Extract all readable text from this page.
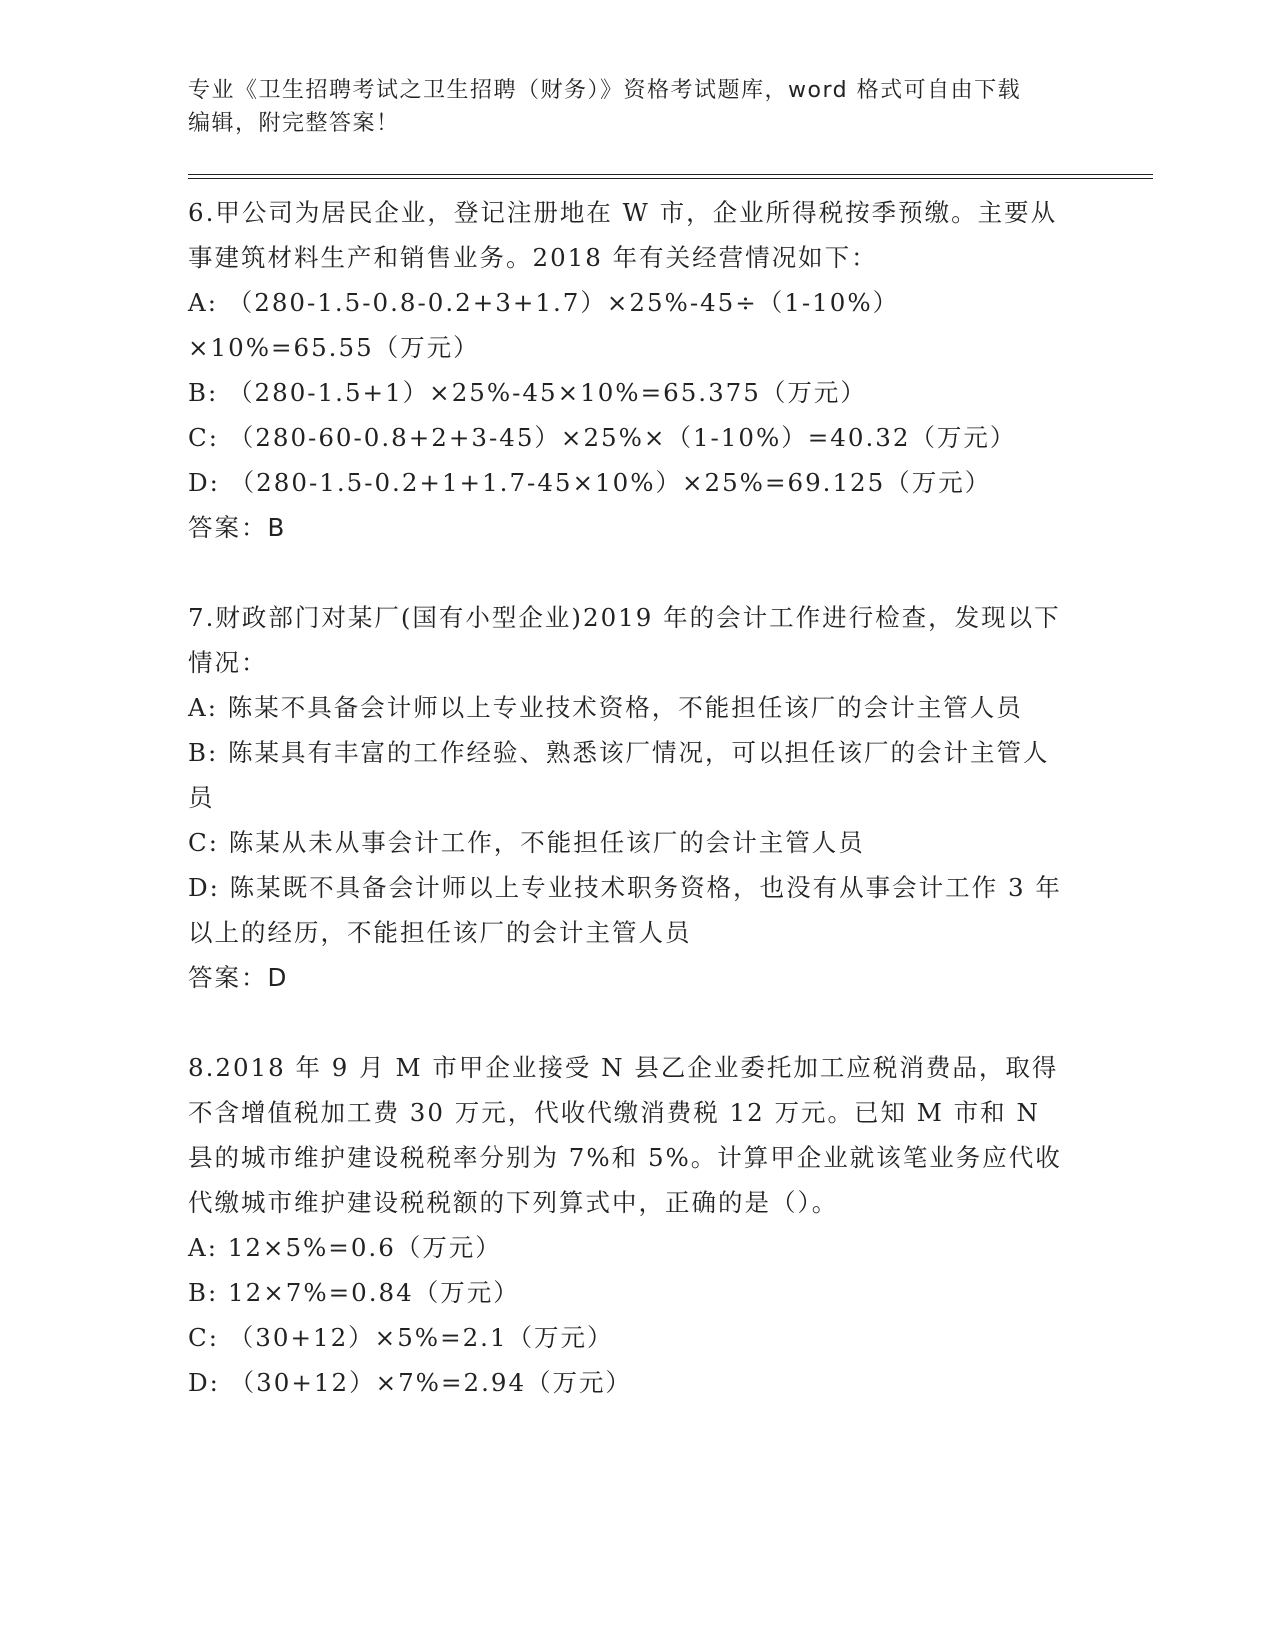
专业《卫生招聘考试之卫生招聘（财务）》资格考试题库，word 格式可自由下载
编辑，附完整答案！

6.甲公司为居民企业，登记注册地在 W 市，企业所得税按季预缴。主要从事建筑材料生产和销售业务。2018 年有关经营情况如下：

A: （280-1.5-0.8-0.2+3+1.7）×25%-45÷（1-10%）×10%=65.55（万元）

B: （280-1.5+1）×25%-45×10%=65.375（万元）

C: （280-60-0.8+2+3-45）×25%×（1-10%）=40.32（万元）

D: （280-1.5-0.2+1+1.7-45×10%）×25%=69.125（万元）

答案：B

7.财政部门对某厂(国有小型企业)2019 年的会计工作进行检查，发现以下情况：

A: 陈某不具备会计师以上专业技术资格，不能担任该厂的会计主管人员

B: 陈某具有丰富的工作经验、熟悉该厂情况，可以担任该厂的会计主管人员

C: 陈某从未从事会计工作，不能担任该厂的会计主管人员

D: 陈某既不具备会计师以上专业技术职务资格，也没有从事会计工作 3 年以上的经历，不能担任该厂的会计主管人员

答案：D

8.2018 年 9 月 M 市甲企业接受 N 县乙企业委托加工应税消费品，取得不含增值税加工费 30 万元，代收代缴消费税 12 万元。已知 M 市和 N 县的城市维护建设税税率分别为 7%和 5%。计算甲企业就该笔业务应代收代缴城市维护建设税税额的下列算式中，正确的是（）。

A: 12×5%=0.6（万元）

B: 12×7%=0.84（万元）

C: （30+12）×5%=2.1（万元）

D: （30+12）×7%=2.94（万元）
